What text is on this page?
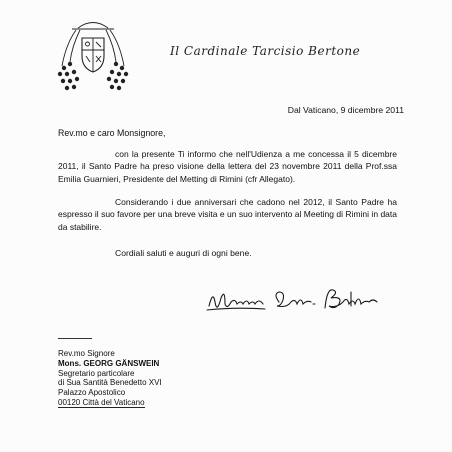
Il Cardinale Tarcisio Bertone
Dal Vaticano, 9 dicembre 2011
Rev.mo e caro Monsignore,
con la presente Ti informo che nell'Udienza a me concessa il 5 dicembre 2011, il Santo Padre ha preso visione della lettera del 23 novembre 2011 della Prof.ssa Emilia Guarnieri, Presidente del Metting di Rimini (cfr Allegato).
Considerando i due anniversari che cadono nel 2012, il Santo Padre ha espresso il suo favore per una breve visita e un suo intervento al Meeting di Rimini in data da stabilire.
Cordiali saluti e auguri di ogni bene.
Rev.mo Signore
Mons. GEORG GÄNSWEIN
Segretario particolare
di Sua Santità Benedetto XVI
Palazzo Apostolico
00120 Città del Vaticano
